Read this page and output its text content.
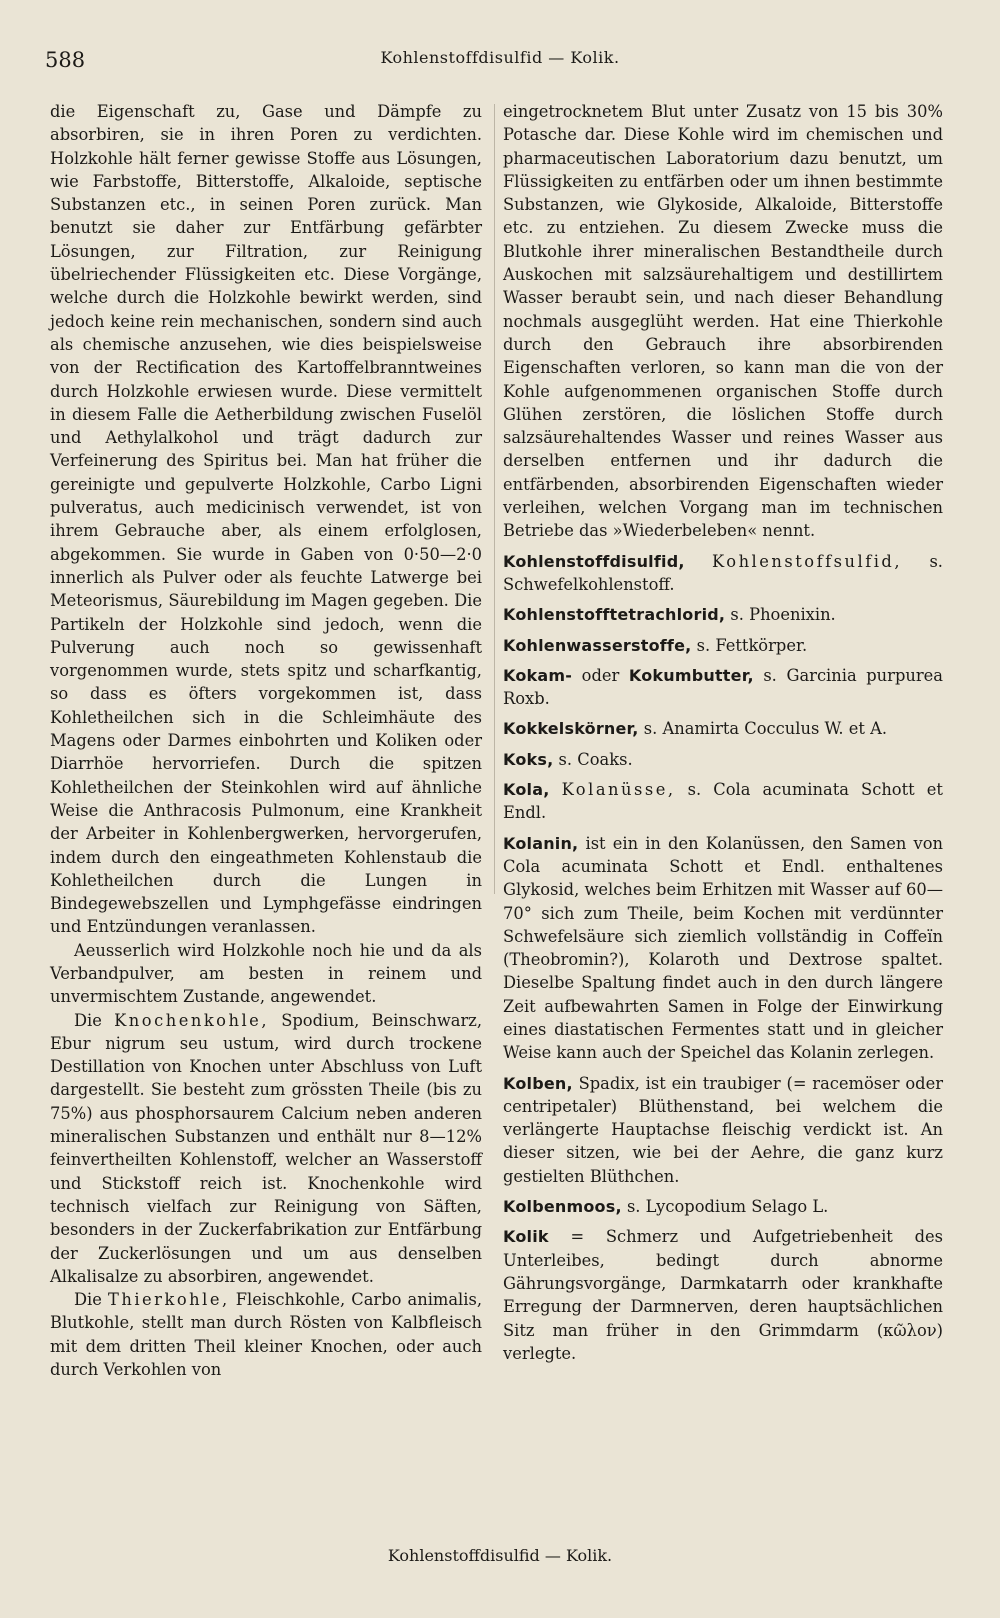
588	Kohlenstoffdisulfid — Kolik.

die Eigenschaft zu, Gase und Dämpfe zu absorbiren, sie in ihren Poren zu verdichten. Holzkohle hält ferner gewisse Stoffe aus Lösungen, wie Farbstoffe, Bitterstoffe, Alkaloide, septische Substanzen etc., in seinen Poren zurück. Man benutzt sie daher zur Entfärbung gefärbter Lösungen, zur Filtration, zur Reinigung übelriechender Flüssigkeiten etc. Diese Vorgänge, welche durch die Holzkohle bewirkt werden, sind jedoch keine rein mechanischen, sondern sind auch als chemische anzusehen, wie dies beispielsweise von der Rectification des Kartoffelbranntweines durch Holzkohle erwiesen wurde. Diese vermittelt in diesem Falle die Aetherbildung zwischen Fuselöl und Aethylalkohol und trägt dadurch zur Verfeinerung des Spiritus bei. Man hat früher die gereinigte und gepulverte Holzkohle, Carbo Ligni pulveratus, auch medicinisch verwendet, ist von ihrem Gebrauche aber, als einem erfolglosen, abgekommen. Sie wurde in Gaben von 0·50—2·0 innerlich als Pulver oder als feuchte Latwerge bei Meteorismus, Säurebildung im Magen gegeben. Die Partikeln der Holzkohle sind jedoch, wenn die Pulverung auch noch so gewissenhaft vorgenommen wurde, stets spitz und scharfkantig, so dass es öfters vorgekommen ist, dass Kohletheilchen sich in die Schleimhäute des Magens oder Darmes einbohrten und Koliken oder Diarrhöe hervorriefen. Durch die spitzen Kohletheilchen der Steinkohlen wird auf ähnliche Weise die Anthracosis Pulmonum, eine Krankheit der Arbeiter in Kohlenbergwerken, hervorgerufen, indem durch den eingeathmeten Kohlenstaub die Kohletheilchen durch die Lungen in Bindegewebszellen und Lymphgefässe eindringen und Entzündungen veranlassen.

Aeusserlich wird Holzkohle noch hie und da als Verbandpulver, am besten in reinem und unvermischtem Zustande, angewendet.

Die Knochenkohle, Spodium, Beinschwarz, Ebur nigrum seu ustum, wird durch trockene Destillation von Knochen unter Abschluss von Luft dargestellt. Sie besteht zum grössten Theile (bis zu 75%) aus phosphorsaurem Calcium neben anderen mineralischen Substanzen und enthält nur 8—12% feinvertheilten Kohlenstoff, welcher an Wasserstoff und Stickstoff reich ist. Knochenkohle wird technisch vielfach zur Reinigung von Säften, besonders in der Zuckerfabrikation zur Entfärbung der Zuckerlösungen und um aus denselben Alkalisalze zu absorbiren, angewendet.

Die Thierkohle, Fleischkohle, Carbo animalis, Blutkohle, stellt man durch Rösten von Kalbfleisch mit dem dritten Theil kleiner Knochen, oder auch durch Verkohlen von

eingetrocknetem Blut unter Zusatz von 15 bis 30% Potasche dar. Diese Kohle wird im chemischen und pharmaceutischen Laboratorium dazu benutzt, um Flüssigkeiten zu entfärben oder um ihnen bestimmte Substanzen, wie Glykoside, Alkaloide, Bitterstoffe etc. zu entziehen. Zu diesem Zwecke muss die Blutkohle ihrer mineralischen Bestandtheile durch Auskochen mit salzsäurehaltigem und destillirtem Wasser beraubt sein, und nach dieser Behandlung nochmals ausgeglüht werden. Hat eine Thierkohle durch den Gebrauch ihre absorbirenden Eigenschaften verloren, so kann man die von der Kohle aufgenommenen organischen Stoffe durch Glühen zerstören, die löslichen Stoffe durch salzsäurehaltendes Wasser und reines Wasser aus derselben entfernen und ihr dadurch die entfärbenden, absorbirenden Eigenschaften wieder verleihen, welchen Vorgang man im technischen Betriebe das »Wiederbeleben« nennt.

Kohlenstoffdisulfid, Kohlenstoffsulfid, s. Schwefelkohlenstoff.

Kohlenstofftetrachlorid, s. Phoenixin.

Kohlenwasserstoffe, s. Fettkörper.

Kokam- oder Kokumbutter, s. Garcinia purpurea Roxb.

Kokkelskörner, s. Anamirta Cocculus W. et A.

Koks, s. Coaks.

Kola, Kolanüsse, s. Cola acuminata Schott et Endl.

Kolanin, ist ein in den Kolanüssen, den Samen von Cola acuminata Schott et Endl. enthaltenes Glykosid, welches beim Erhitzen mit Wasser auf 60—70° sich zum Theile, beim Kochen mit verdünnter Schwefelsäure sich ziemlich vollständig in Coffeïn (Theobromin?), Kolaroth und Dextrose spaltet. Dieselbe Spaltung findet auch in den durch längere Zeit aufbewahrten Samen in Folge der Einwirkung eines diastatischen Fermentes statt und in gleicher Weise kann auch der Speichel das Kolanin zerlegen.

Kolben, Spadix, ist ein traubiger (= racemöser oder centripetaler) Blüthenstand, bei welchem die verlängerte Hauptachse fleischig verdickt ist. An dieser sitzen, wie bei der Aehre, die ganz kurz gestielten Blüthchen.

Kolbenmoos, s. Lycopodium Selago L.

Kolik = Schmerz und Aufgetriebenheit des Unterleibes, bedingt durch abnorme Gährungsvorgänge, Darmkatarrh oder krankhafte Erregung der Darmnerven, deren hauptsächlichen Sitz man früher in den Grimmdarm (κῶλον) verlegte.

Kohlenstoffdisulfid — Kolik.
